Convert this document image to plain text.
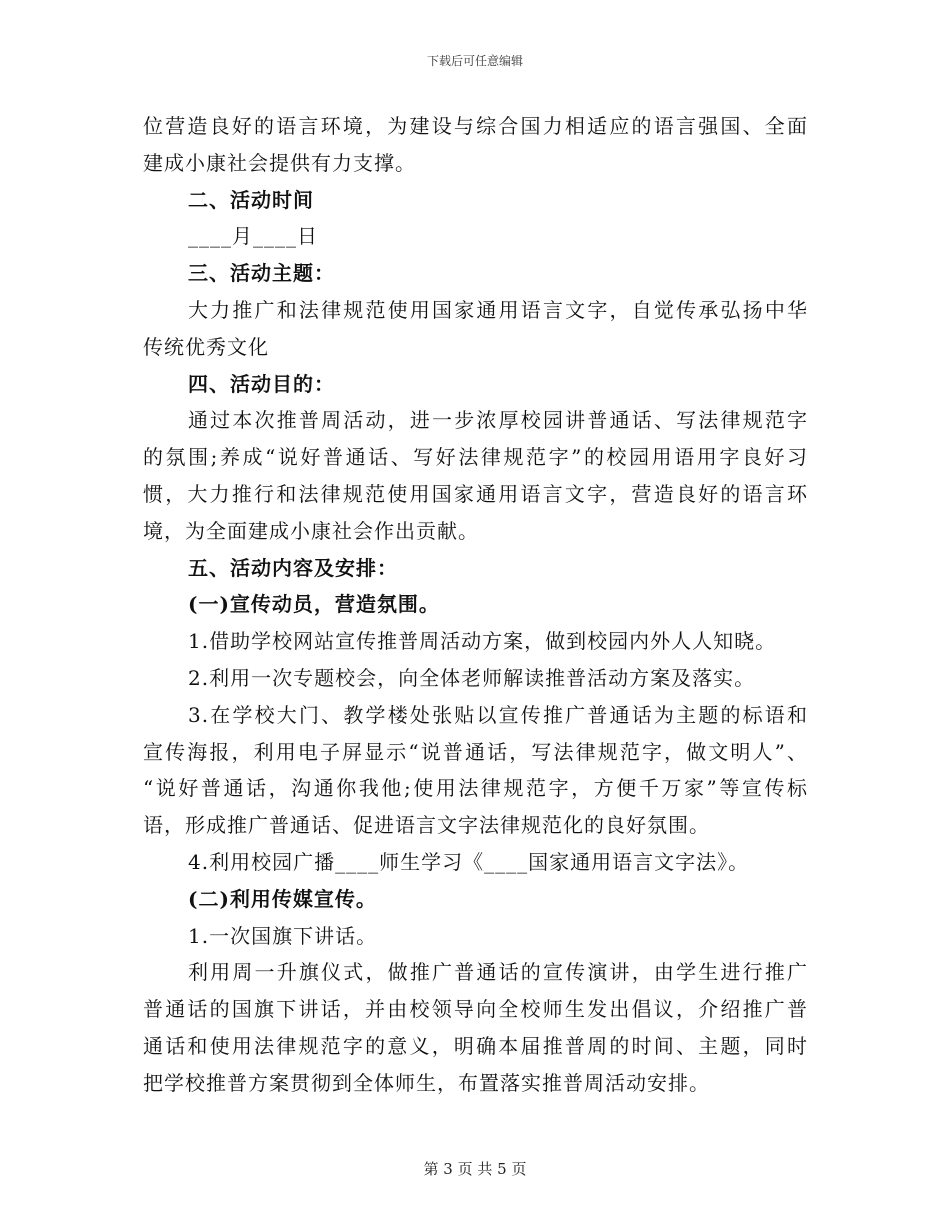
下载后可任意编辑
位营造良好的语言环境，为建设与综合国力相适应的语言强国、全面
建成小康社会提供有力支撑。
二、活动时间
____月____日
三、活动主题：
大力推广和法律规范使用国家通用语言文字，自觉传承弘扬中华
传统优秀文化
四、活动目的：
通过本次推普周活动，进一步浓厚校园讲普通话、写法律规范字
的氛围;养成“说好普通话、写好法律规范字”的校园用语用字良好习
惯，大力推行和法律规范使用国家通用语言文字，营造良好的语言环
境，为全面建成小康社会作出贡献。
五、活动内容及安排：
(一)宣传动员，营造氛围。
1.借助学校网站宣传推普周活动方案，做到校园内外人人知晓。
2.利用一次专题校会，向全体老师解读推普活动方案及落实。
3.在学校大门、教学楼处张贴以宣传推广普通话为主题的标语和
宣传海报，利用电子屏显示“说普通话，写法律规范字，做文明人”、
“说好普通话，沟通你我他;使用法律规范字，方便千万家”等宣传标
语，形成推广普通话、促进语言文字法律规范化的良好氛围。
4.利用校园广播____师生学习《____国家通用语言文字法》。
(二)利用传媒宣传。
1.一次国旗下讲话。
利用周一升旗仪式，做推广普通话的宣传演讲，由学生进行推广
普通话的国旗下讲话，并由校领导向全校师生发出倡议，介绍推广普
通话和使用法律规范字的意义，明确本届推普周的时间、主题，同时
把学校推普方案贯彻到全体师生，布置落实推普周活动安排。
第 3 页 共 5 页
